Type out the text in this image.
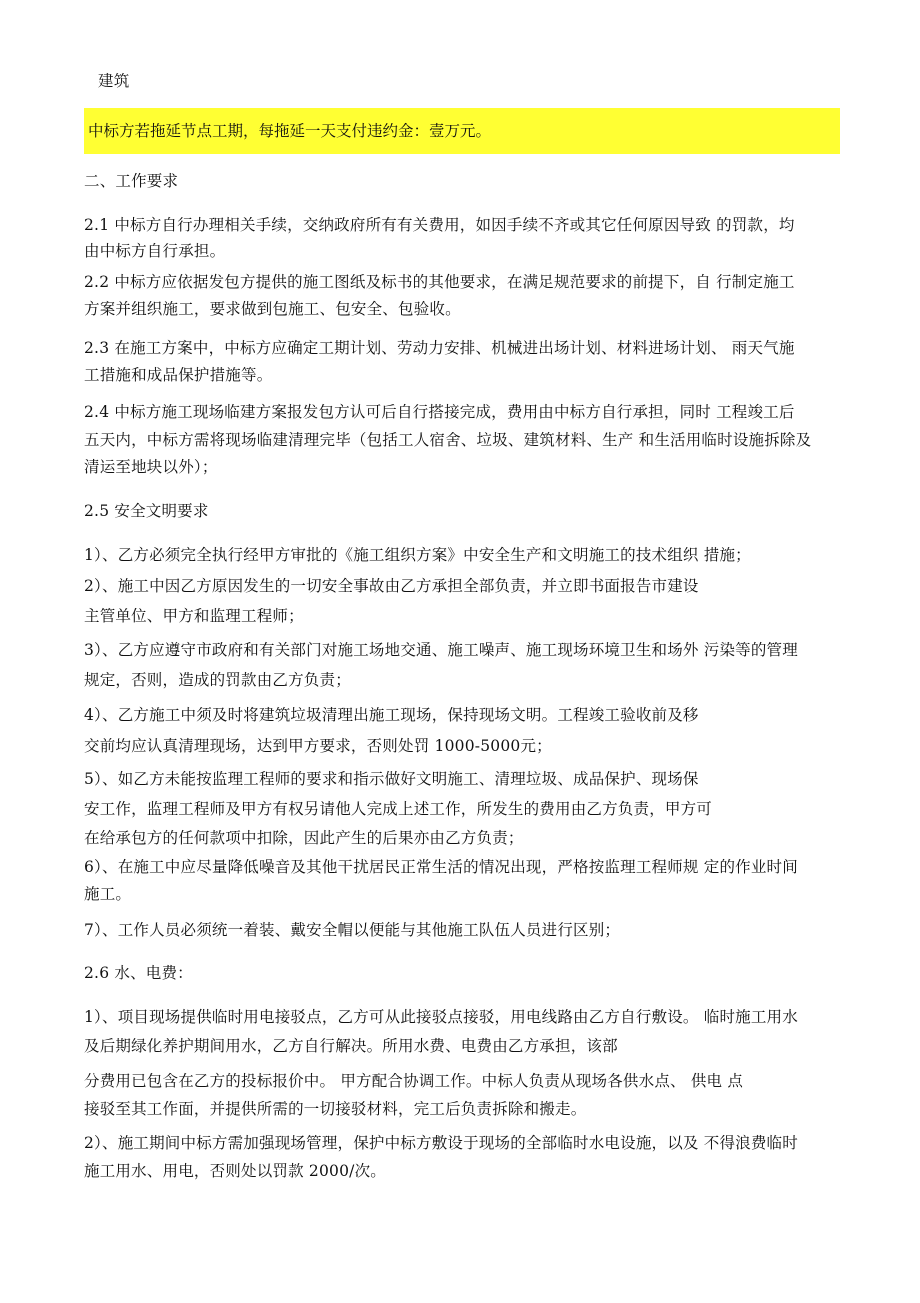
建筑
中标方若拖延节点工期，每拖延一天支付违约金：壹万元。
二、工作要求
2.1 中标方自行办理相关手续，交纳政府所有有关费用，如因手续不齐或其它任何原因导致 的罚款，均
由中标方自行承担。
2.2 中标方应依据发包方提供的施工图纸及标书的其他要求，在满足规范要求的前提下，自 行制定施工
方案并组织施工，要求做到包施工、包安全、包验收。
2.3 在施工方案中，中标方应确定工期计划、劳动力安排、机械进出场计划、材料进场计划、 雨天气施
工措施和成品保护措施等。
2.4 中标方施工现场临建方案报发包方认可后自行搭接完成，费用由中标方自行承担，同时 工程竣工后
五天内，中标方需将现场临建清理完毕（包括工人宿舍、垃圾、建筑材料、生产 和生活用临时设施拆除及
清运至地块以外）；
2.5 安全文明要求
1）、乙方必须完全执行经甲方审批的《施工组织方案》中安全生产和文明施工的技术组织 措施；
2）、施工中因乙方原因发生的一切安全事故由乙方承担全部负责，并立即书面报告市建设
主管单位、甲方和监理工程师；
3）、乙方应遵守市政府和有关部门对施工场地交通、施工噪声、施工现场环境卫生和场外 污染等的管理
规定，否则，造成的罚款由乙方负责；
4）、乙方施工中须及时将建筑垃圾清理出施工现场，保持现场文明。工程竣工验收前及移
交前均应认真清理现场，达到甲方要求，否则处罚 1000-5000元；
5）、如乙方未能按监理工程师的要求和指示做好文明施工、清理垃圾、成品保护、现场保
安工作，监理工程师及甲方有权另请他人完成上述工作，所发生的费用由乙方负责，甲方可
在给承包方的任何款项中扣除，因此产生的后果亦由乙方负责；
6）、在施工中应尽量降低噪音及其他干扰居民正常生活的情况出现，严格按监理工程师规 定的作业时间
施工。
7）、工作人员必须统一着装、戴安全帽以便能与其他施工队伍人员进行区别；
2.6 水、电费：
1）、项目现场提供临时用电接驳点，乙方可从此接驳点接驳，用电线路由乙方自行敷设。 临时施工用水
及后期绿化养护期间用水，乙方自行解决。所用水费、电费由乙方承担，该部
分费用已包含在乙方的投标报价中。 甲方配合协调工作。中标人负责从现场各供水点、 供电 点
接驳至其工作面，并提供所需的一切接驳材料，完工后负责拆除和搬走。
2）、施工期间中标方需加强现场管理，保护中标方敷设于现场的全部临时水电设施，以及 不得浪费临时
施工用水、用电，否则处以罚款 2000/次。
